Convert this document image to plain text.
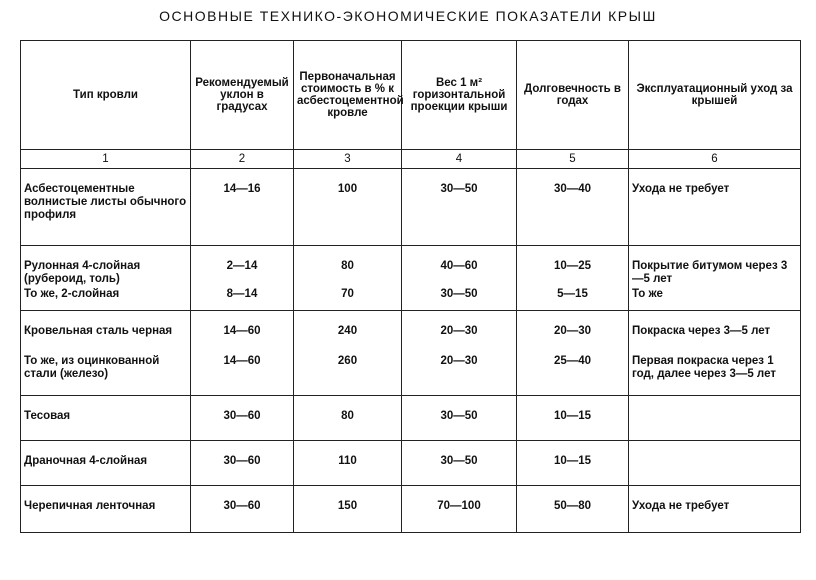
ОСНОВНЫЕ ТЕХНИКО-ЭКОНОМИЧЕСКИЕ ПОКАЗАТЕЛИ КРЫШ
Тип кровли	Рекомендуемый уклон в градусах	Первоначальная стоимость в % к асбестоцементной кровле	Вес 1 м² горизонтальной проекции крыши	Долговечность в годах	Эксплуатационный уход за крышей
1	2	3	4	5	6
Асбестоцементные волнистые листы обычного профиля	14—16	100	30—50	30—40	Ухода не требует
Рулонная 4-слойная (рубероид, толь)	2—14	80	40—60	10—25	Покрытие битумом через 3—5 лет
То же, 2-слойная	8—14	70	30—50	5—15	То же
Кровельная сталь черная	14—60	240	20—30	20—30	Покраска через 3—5 лет
То же, из оцинкованной стали (железо)	14—60	260	20—30	25—40	Первая покраска через 1 год, далее через 3—5 лет
Тесовая	30—60	80	30—50	10—15	
Драночная 4-слойная	30—60	110	30—50	10—15	
Черепичная ленточная	30—60	150	70—100	50—80	Ухода не требует
